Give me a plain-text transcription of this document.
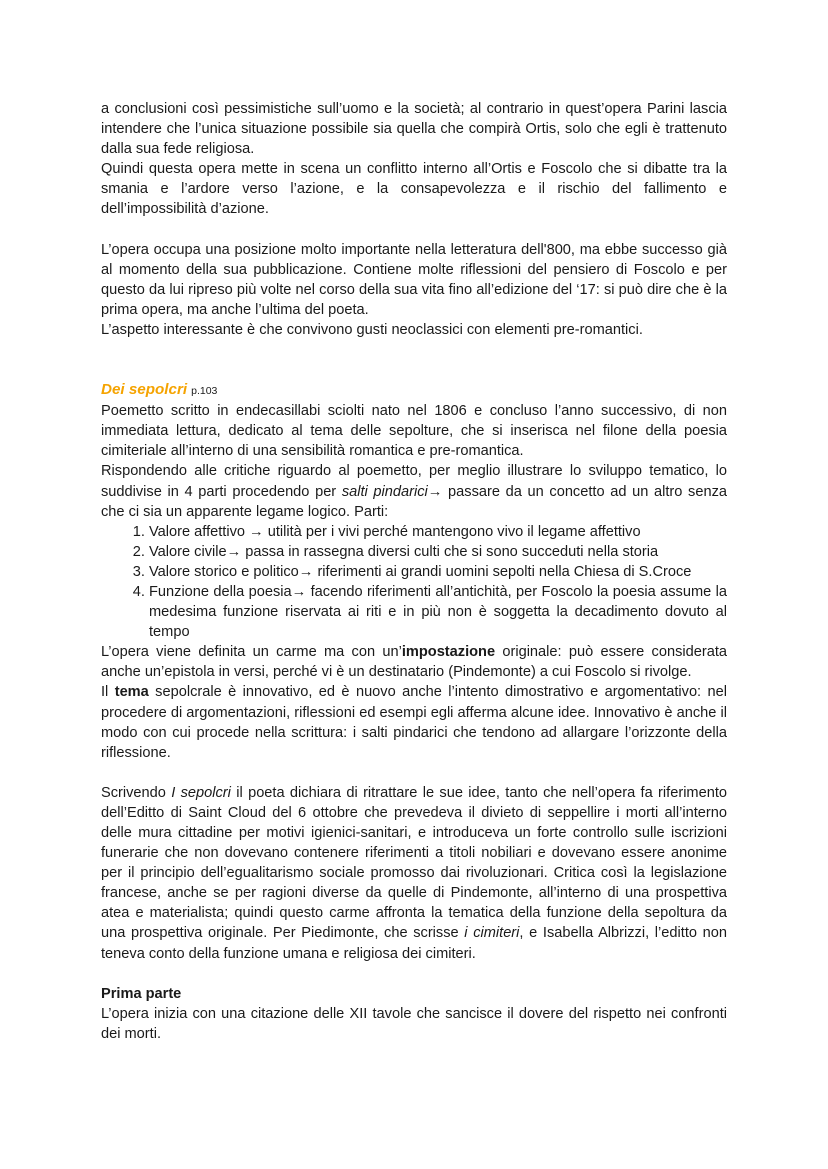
a conclusioni così pessimistiche sull’uomo e la società; al contrario in quest’opera Parini lascia intendere che l’unica situazione possibile sia quella che compirà Ortis, solo che egli è trattenuto dalla sua fede religiosa.

Quindi questa opera mette in scena un conflitto interno all’Ortis e Foscolo che si dibatte tra la smania e l’ardore verso l’azione, e la consapevolezza e il rischio del fallimento e dell’impossibilità d’azione.

L’opera occupa una posizione molto importante nella letteratura dell'800, ma ebbe successo già al momento della sua pubblicazione. Contiene molte riflessioni del pensiero di Foscolo e per questo da lui ripreso più volte nel corso della sua vita fino all’edizione del ‘17: si può dire che è la prima opera, ma anche l’ultima del poeta.

L’aspetto interessante è che convivono gusti neoclassici con elementi pre-romantici.

Dei sepolcri p.103

Poemetto scritto in endecasillabi sciolti nato nel 1806 e concluso l’anno successivo, di non immediata lettura, dedicato al tema delle sepolture, che si inserisca nel filone della poesia cimiteriale all’interno di una sensibilità romantica e pre-romantica.

Rispondendo alle critiche riguardo al poemetto, per meglio illustrare lo sviluppo tematico, lo suddivise in 4 parti procedendo per salti pindarici→ passare da un concetto ad un altro senza che ci sia un apparente legame logico. Parti:

1. Valore affettivo → utilità per i vivi perché mantengono vivo il legame affettivo
2. Valore civile→ passa in rassegna diversi culti che si sono succeduti nella storia
3. Valore storico e politico→ riferimenti ai grandi uomini sepolti nella Chiesa di S.Croce
4. Funzione della poesia→ facendo riferimenti all’antichità, per Foscolo la poesia assume la medesima funzione riservata ai riti e in più non è soggetta la decadimento dovuto al tempo

L’opera viene definita un carme ma con un’impostazione originale: può essere considerata anche un’epistola in versi, perché vi è un destinatario (Pindemonte) a cui Foscolo si rivolge.

Il tema sepolcrale è innovativo, ed è nuovo anche l’intento dimostrativo e argomentativo: nel procedere di argomentazioni, riflessioni ed esempi egli afferma alcune idee. Innovativo è anche il modo con cui procede nella scrittura: i salti pindarici che tendono ad allargare l’orizzonte della riflessione.

Scrivendo I sepolcri il poeta dichiara di ritrattare le sue idee, tanto che nell’opera fa riferimento dell’Editto di Saint Cloud del 6 ottobre che prevedeva il divieto di seppellire i morti all’interno delle mura cittadine per motivi igienici-sanitari, e introduceva un forte controllo sulle iscrizioni funerarie che non dovevano contenere riferimenti a titoli nobiliari e dovevano essere anonime per il principio dell’egualitarismo sociale promosso dai rivoluzionari. Critica così la legislazione francese, anche se per ragioni diverse da quelle di Pindemonte, all’interno di una prospettiva atea e materialista; quindi questo carme affronta la tematica della funzione della sepoltura da una prospettiva originale. Per Piedimonte, che scrisse i cimiteri, e Isabella Albrizzi, l’editto non teneva conto della funzione umana e religiosa dei cimiteri.

Prima parte

L’opera inizia con una citazione delle XII tavole che sancisce il dovere del rispetto nei confronti dei morti.
